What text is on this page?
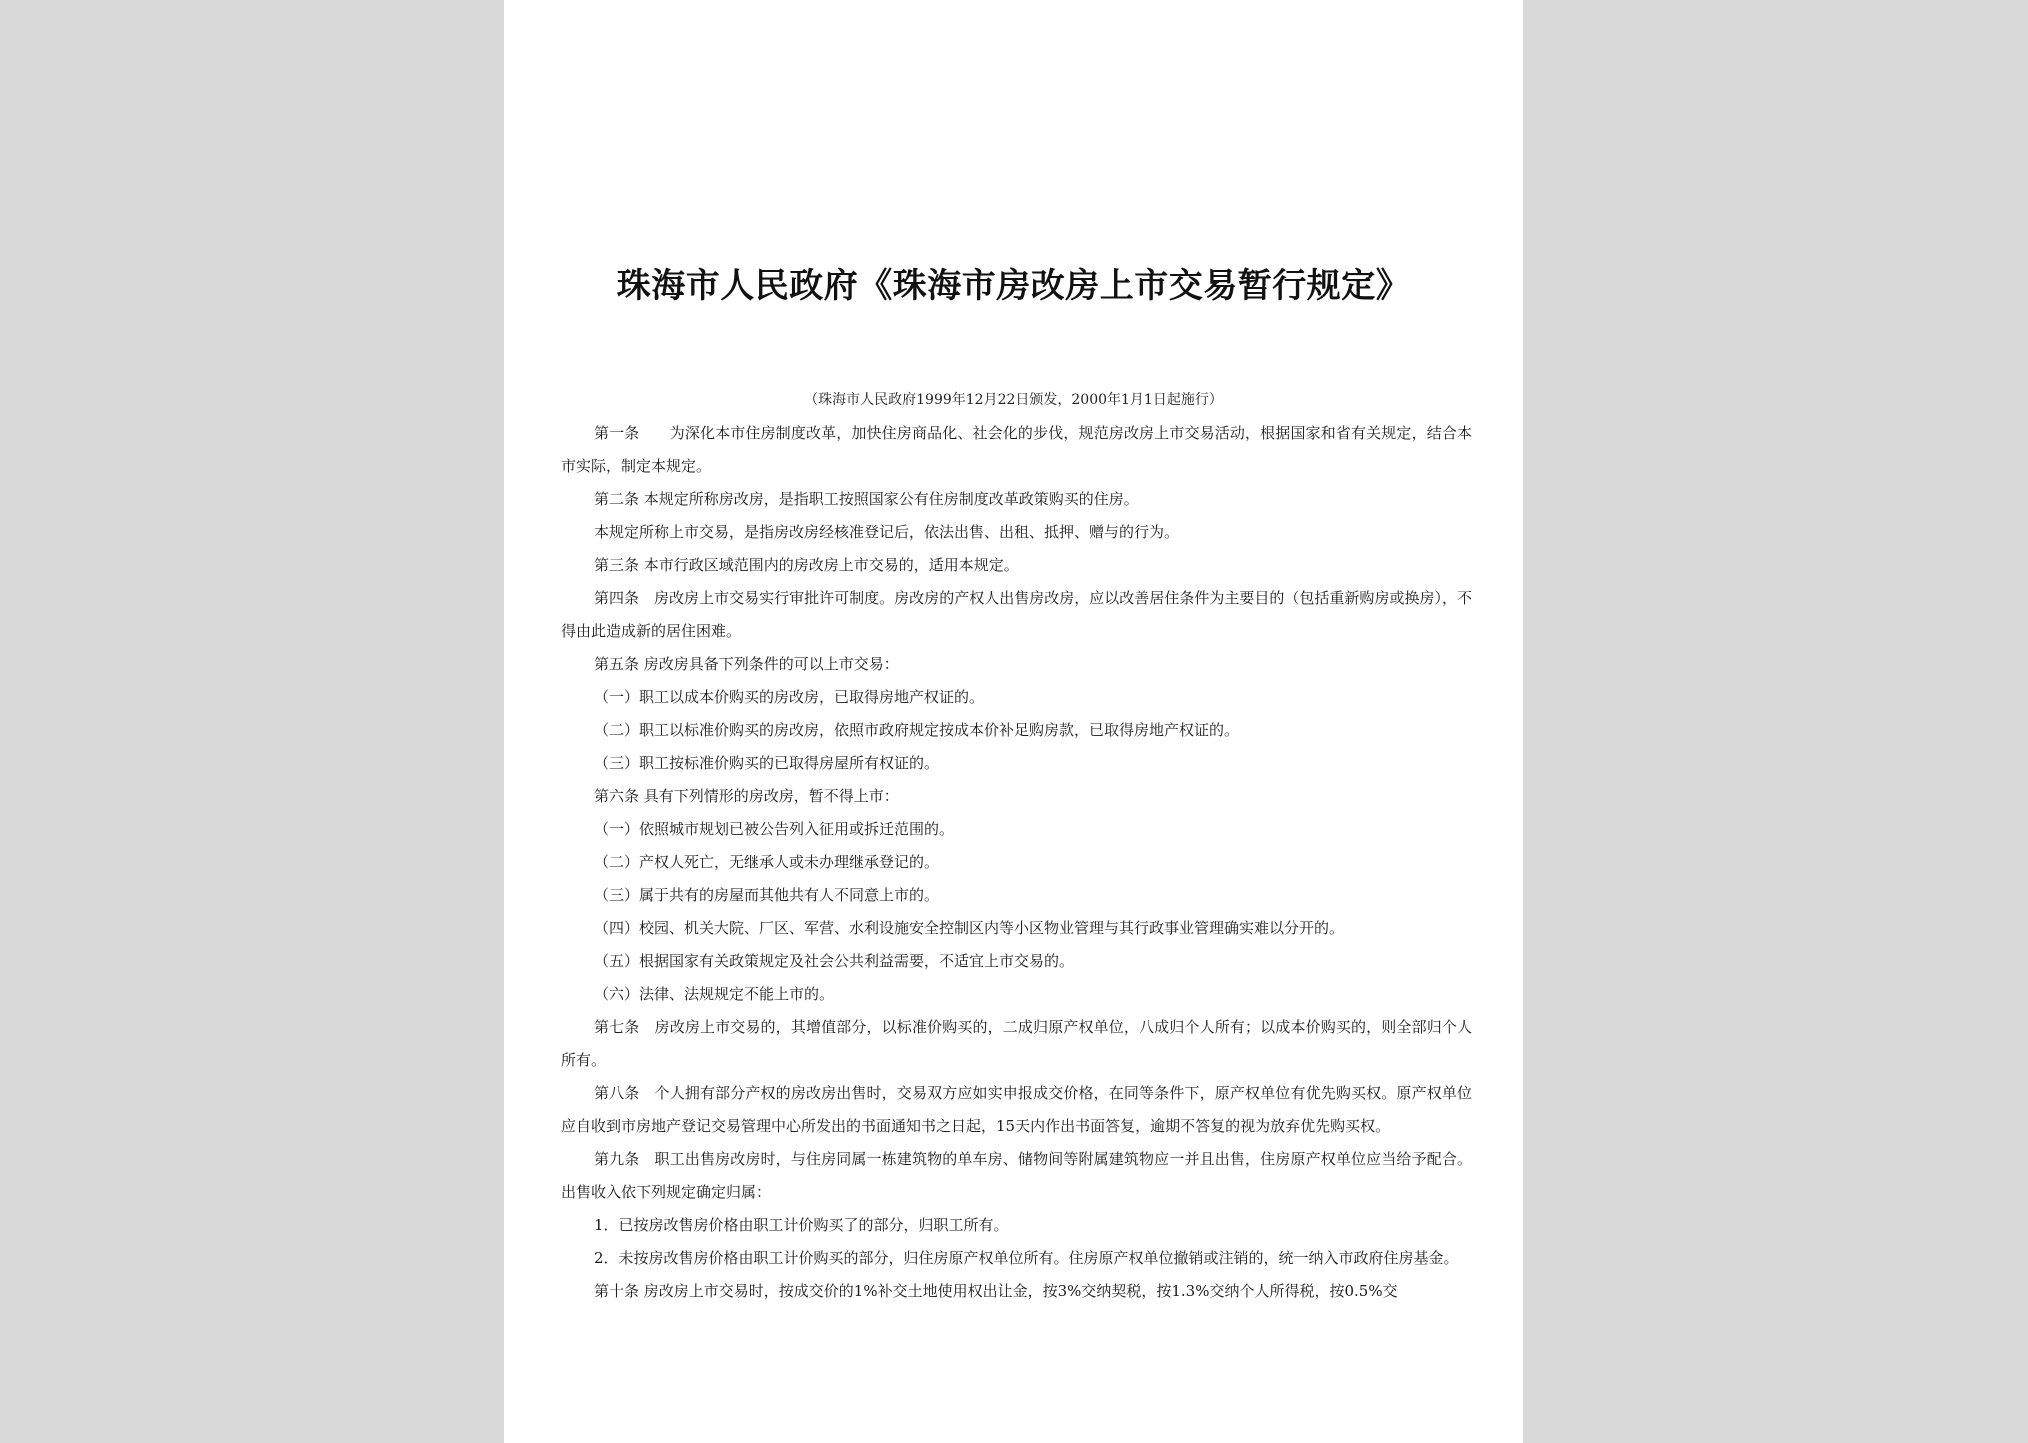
珠海市人民政府《珠海市房改房上市交易暂行规定》
（珠海市人民政府1999年12月22日颁发，2000年1月1日起施行）

第一条　　为深化本市住房制度改革，加快住房商品化、社会化的步伐，规范房改房上市交易活动，根据国家和省有关规定，结合本市实际，制定本规定。

第二条 本规定所称房改房，是指职工按照国家公有住房制度改革政策购买的住房。

本规定所称上市交易，是指房改房经核准登记后，依法出售、出租、抵押、赠与的行为。

第三条 本市行政区域范围内的房改房上市交易的，适用本规定。

第四条　房改房上市交易实行审批许可制度。房改房的产权人出售房改房，应以改善居住条件为主要目的（包括重新购房或换房），不得由此造成新的居住困难。

第五条 房改房具备下列条件的可以上市交易：

（一）职工以成本价购买的房改房，已取得房地产权证的。

（二）职工以标准价购买的房改房，依照市政府规定按成本价补足购房款，已取得房地产权证的。

（三）职工按标准价购买的已取得房屋所有权证的。

第六条 具有下列情形的房改房，暂不得上市：

（一）依照城市规划已被公告列入征用或拆迁范围的。

（二）产权人死亡，无继承人或未办理继承登记的。

（三）属于共有的房屋而其他共有人不同意上市的。

（四）校园、机关大院、厂区、军营、水利设施安全控制区内等小区物业管理与其行政事业管理确实难以分开的。

（五）根据国家有关政策规定及社会公共利益需要，不适宜上市交易的。

（六）法律、法规规定不能上市的。

第七条　房改房上市交易的，其增值部分，以标准价购买的，二成归原产权单位，八成归个人所有；以成本价购买的，则全部归个人所有。

第八条　个人拥有部分产权的房改房出售时，交易双方应如实申报成交价格，在同等条件下，原产权单位有优先购买权。原产权单位应自收到市房地产登记交易管理中心所发出的书面通知书之日起，15天内作出书面答复，逾期不答复的视为放弃优先购买权。

第九条　职工出售房改房时，与住房同属一栋建筑物的单车房、储物间等附属建筑物应一并且出售，住房原产权单位应当给予配合。出售收入依下列规定确定归属：

1．已按房改售房价格由职工计价购买了的部分，归职工所有。

2．未按房改售房价格由职工计价购买的部分，归住房原产权单位所有。住房原产权单位撤销或注销的，统一纳入市政府住房基金。

第十条 房改房上市交易时，按成交价的1%补交土地使用权出让金，按3%交纳契税，按1.3%交纳个人所得税，按0.5%交
